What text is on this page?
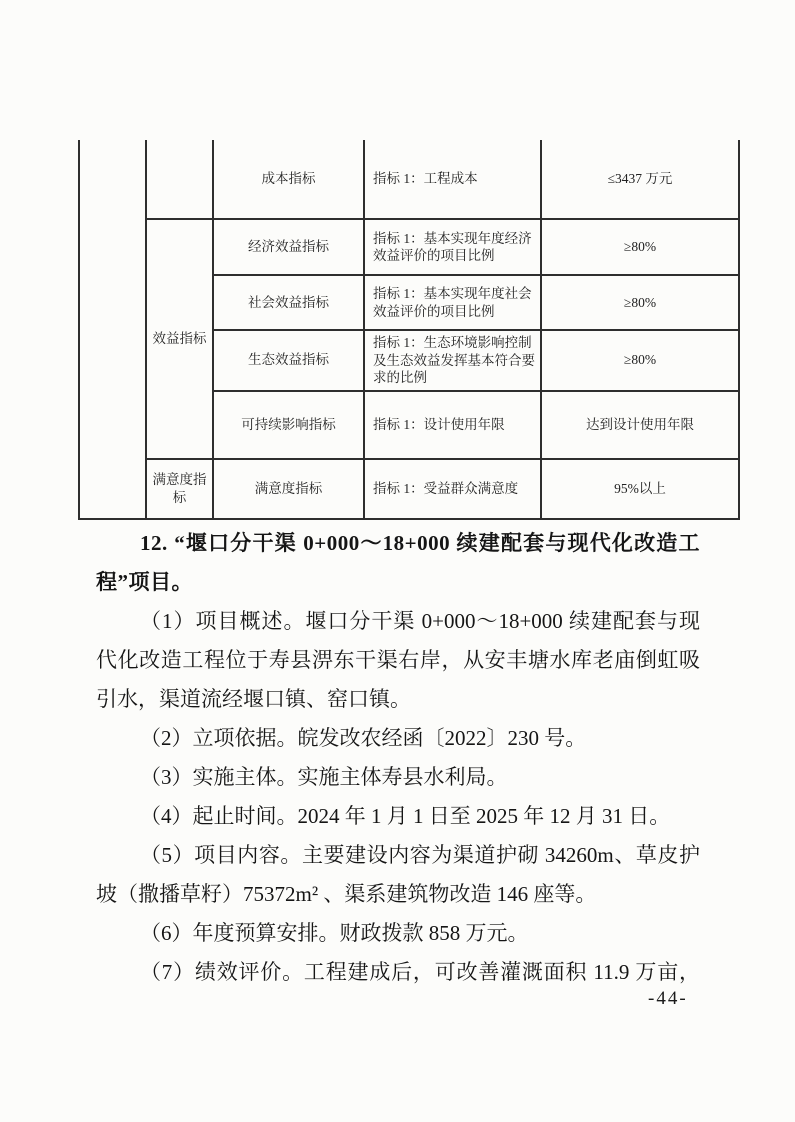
		成本指标	指标 1：工程成本	≤3437 万元
	效益指标	经济效益指标	指标 1：基本实现年度经济效益评价的项目比例	≥80%
		社会效益指标	指标 1：基本实现年度社会效益评价的项目比例	≥80%
		生态效益指标	指标 1：生态环境影响控制及生态效益发挥基本符合要求的比例	≥80%
		可持续影响指标	指标 1：设计使用年限	达到设计使用年限
	满意度指标	满意度指标	指标 1：受益群众满意度	95%以上
12. “堰口分干渠 0+000～18+000 续建配套与现代化改造工
程”项目。
（1）项目概述。堰口分干渠 0+000～18+000 续建配套与现
代化改造工程位于寿县淠东干渠右岸，从安丰塘水库老庙倒虹吸
引水，渠道流经堰口镇、窑口镇。
（2）立项依据。皖发改农经函〔2022〕230 号。
（3）实施主体。实施主体寿县水利局。
（4）起止时间。2024 年 1 月 1 日至 2025 年 12 月 31 日。
（5）项目内容。主要建设内容为渠道护砌 34260m、草皮护
坡（撒播草籽）75372m² 、渠系建筑物改造 146 座等。
（6）年度预算安排。财政拨款 858 万元。
（7）绩效评价。工程建成后，可改善灌溉面积 11.9 万亩，
-44-
